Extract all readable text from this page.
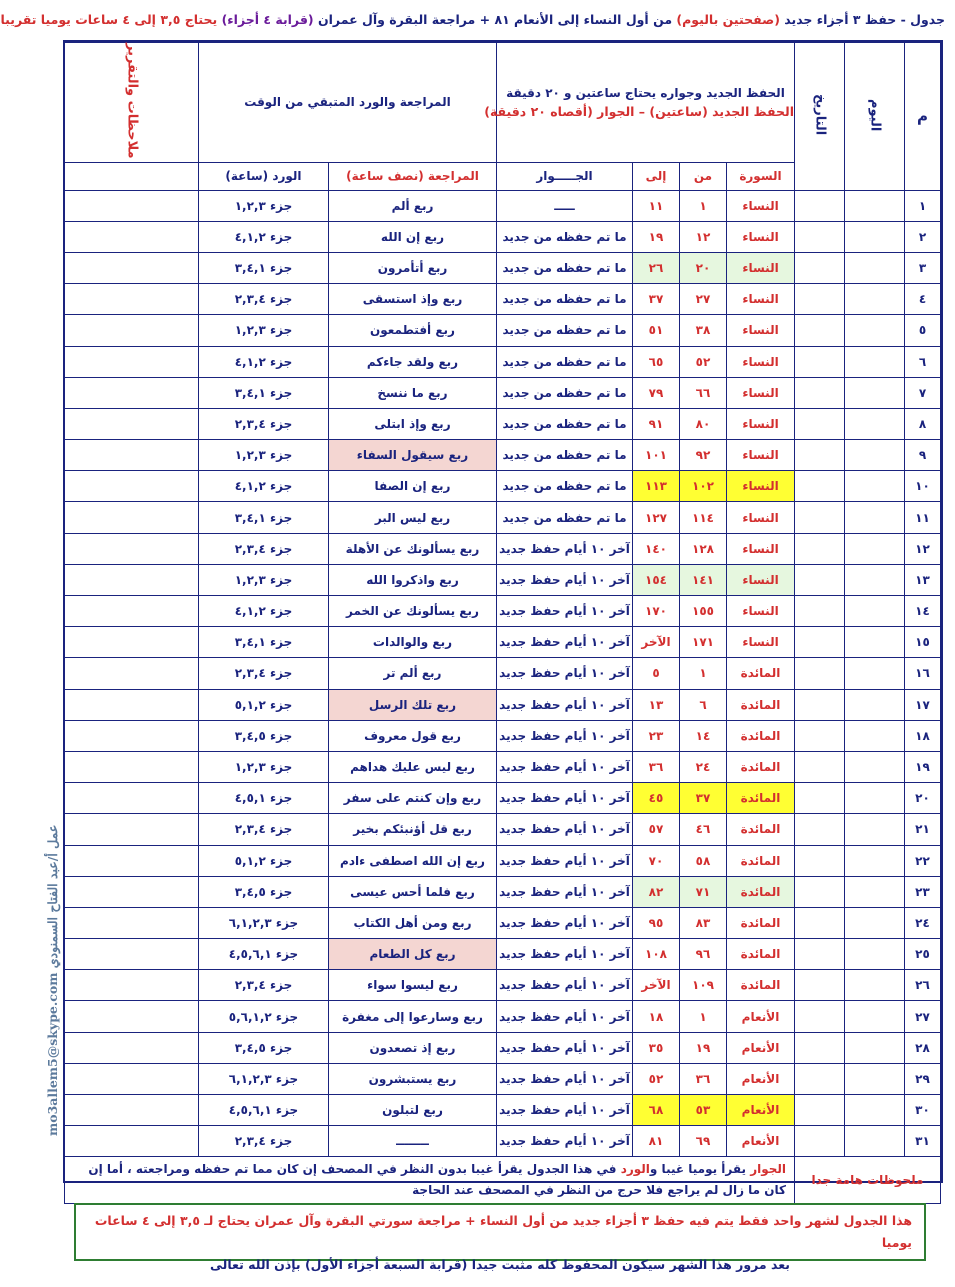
جدول - حفظ ٣ أجزاء جديد (صفحتين باليوم) من أول النساء إلى الأنعام ٨١ + مراجعة البقرة وآل عمران (قرابة ٤ أجزاء) يحتاج ٣,٥ إلى ٤ ساعات يوميا تقريبا
م	اليوم	التاريخ	الحفظ الجديد وجواره يحتاج ساعتين و ٢٠ دقيقة
الحفظ الجديد (ساعتين) – الجوار (أقصاه ٢٠ دقيقة)				المراجعة والورد المتبقي من الوقت		ملاحظات والتقرير
			السورة	من	إلى	الجـــــوار	المراجعة (نصف ساعة)	الورد (ساعة)	
١			النساء	١	١١	ـــــ	ربع ألم	جزء ١,٢,٣	
٢			النساء	١٢	١٩	ما تم حفظه من جديد	ربع إن الله	جزء ٤,١,٢	
٣			النساء	٢٠	٢٦	ما تم حفظه من جديد	ربع أتأمرون	جزء ٣,٤,١	
٤			النساء	٢٧	٣٧	ما تم حفظه من جديد	ربع وإذ استسقى	جزء ٢,٣,٤	
٥			النساء	٣٨	٥١	ما تم حفظه من جديد	ربع أفتطمعون	جزء ١,٢,٣	
٦			النساء	٥٢	٦٥	ما تم حفظه من جديد	ربع ولقد جاءكم	جزء ٤,١,٢	
٧			النساء	٦٦	٧٩	ما تم حفظه من جديد	ربع ما ننسخ	جزء ٣,٤,١	
٨			النساء	٨٠	٩١	ما تم حفظه من جديد	ربع وإذ ابتلى	جزء ٢,٣,٤	
٩			النساء	٩٢	١٠١	ما تم حفظه من جديد	ربع سيقول السفاء	جزء ١,٢,٣	
١٠			النساء	١٠٢	١١٣	ما تم حفظه من جديد	ربع إن الصفا	جزء ٤,١,٢	
١١			النساء	١١٤	١٢٧	ما تم حفظه من جديد	ربع ليس البر	جزء ٣,٤,١	
١٢			النساء	١٢٨	١٤٠	آخر ١٠ أيام حفظ جديد	ربع يسألونك عن الأهلة	جزء ٢,٣,٤	
١٣			النساء	١٤١	١٥٤	آخر ١٠ أيام حفظ جديد	ربع واذكروا الله	جزء ١,٢,٣	
١٤			النساء	١٥٥	١٧٠	آخر ١٠ أيام حفظ جديد	ربع يسألونك عن الخمر	جزء ٤,١,٢	
١٥			النساء	١٧١	الآخر	آخر ١٠ أيام حفظ جديد	ربع والوالدات	جزء ٣,٤,١	
١٦			المائدة	١	٥	آخر ١٠ أيام حفظ جديد	ربع ألم تر	جزء ٢,٣,٤	
١٧			المائدة	٦	١٣	آخر ١٠ أيام حفظ جديد	ربع تلك الرسل	جزء ٥,١,٢	
١٨			المائدة	١٤	٢٣	آخر ١٠ أيام حفظ جديد	ربع قول معروف	جزء ٣,٤,٥	
١٩			المائدة	٢٤	٣٦	آخر ١٠ أيام حفظ جديد	ربع ليس عليك هداهم	جزء ١,٢,٣	
٢٠			المائدة	٣٧	٤٥	آخر ١٠ أيام حفظ جديد	ربع وإن كنتم على سفر	جزء ٤,٥,١	
٢١			المائدة	٤٦	٥٧	آخر ١٠ أيام حفظ جديد	ربع قل أؤنبئكم بخير	جزء ٢,٣,٤	
٢٢			المائدة	٥٨	٧٠	آخر ١٠ أيام حفظ جديد	ربع إن الله اصطفى ءادم	جزء ٥,١,٢	
٢٣			المائدة	٧١	٨٢	آخر ١٠ أيام حفظ جديد	ربع فلما أحس عيسى	جزء ٣,٤,٥	
٢٤			المائدة	٨٣	٩٥	آخر ١٠ أيام حفظ جديد	ربع ومن أهل الكتاب	جزء ٦,١,٢,٣	
٢٥			المائدة	٩٦	١٠٨	آخر ١٠ أيام حفظ جديد	ربع كل الطعام	جزء ٤,٥,٦,١	
٢٦			المائدة	١٠٩	الآخر	آخر ١٠ أيام حفظ جديد	ربع ليسوا سواء	جزء ٢,٣,٤	
٢٧			الأنعام	١	١٨	آخر ١٠ أيام حفظ جديد	ربع وسارعوا إلى مغفرة	جزء ٥,٦,١,٢	
٢٨			الأنعام	١٩	٣٥	آخر ١٠ أيام حفظ جديد	ربع إذ تصعدون	جزء ٣,٤,٥	
٢٩			الأنعام	٣٦	٥٢	آخر ١٠ أيام حفظ جديد	ربع يستبشرون	جزء ٦,١,٢,٣	
٣٠			الأنعام	٥٣	٦٨	آخر ١٠ أيام حفظ جديد	ربع لتبلون	جزء ٤,٥,٦,١	
٣١			الأنعام	٦٩	٨١	آخر ١٠ أيام حفظ جديد	ــــــــ	جزء ٢,٣,٤	
ملحوظات هامة جدا			الجوار يقرأ يوميا غيبا والورد في هذا الجدول يقرأ غيبا بدون النظر في المصحف إن كان مما تم حفظه ومراجعته ، أما إن كان ما زال لم يراجع فلا حرج من النظر في المصحف عند الحاجة						
عمل أ/عبد الفتاح السمنودي mo3allem5@skype.com
هذا الجدول لشهر واحد فقط يتم فيه حفظ ٣ أجزاء جديد من أول النساء + مراجعة سورتي البقرة وآل عمران يحتاج لـ ٣,٥ إلى ٤ ساعات يوميا
بعد مرور هذا الشهر سيكون المحفوظ كله مثبت جيدا (قرابة السبعة أجزاء الأول) بإذن الله تعالى
